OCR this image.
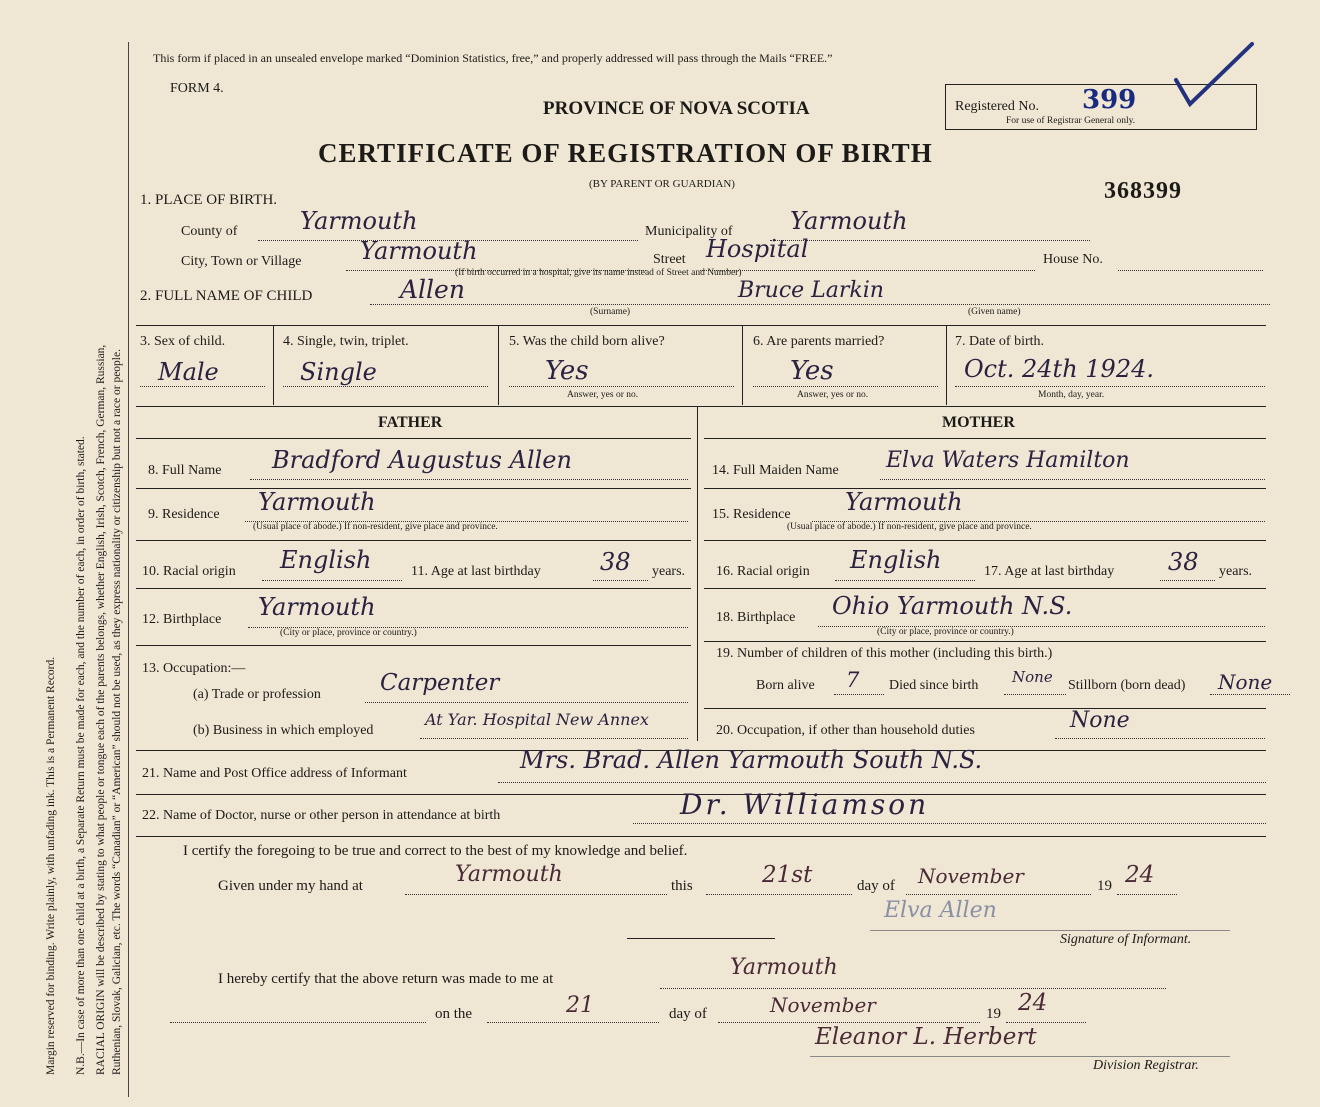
Margin reserved for binding. Write plainly, with unfading ink. This is a Permanent Record. N.B.—In case of more than one child at a birth, a Separate Return must be made for each, and the number of each, in order of birth, stated. RACIAL ORIGIN will be described by stating to what people or tongue each of the parents belongs, whether English, Irish, Scotch, French, German, Russian, Ruthenian, Slovak, Galician, etc. The words “Canadian” or “American” should not be used, as they express nationality or citizenship but not a race or people.
This form if placed in an unsealed envelope marked “Dominion Statistics, free,” and properly addressed will pass through the Mails “FREE.”
FORM 4.
PROVINCE OF NOVA SCOTIA
CERTIFICATE OF REGISTRATION OF BIRTH
(BY PARENT OR GUARDIAN)	368399
Registered No. 399
For use of Registrar General only.
1. PLACE OF BIRTH.
County of	Yarmouth	Municipality of Yarmouth
City, Town or Village Yarmouth	Street Hospital	House No.
(If birth occurred in a hospital, give its name instead of Street and Number)
2. FULL NAME OF CHILD	Allen	Bruce Larkin
(Surname)	(Given name)
3. Sex of child.
Male
4. Single, twin, triplet.
Single
5. Was the child born alive?
Yes
Answer, yes or no.
6. Are parents married?
Yes
Answer, yes or no.
7. Date of birth.
Oct. 24th 1924.
Month, day, year.
FATHER	MOTHER
8. Full Name Bradford Augustus Allen
9. Residence Yarmouth
(Usual place of abode.) If non-resident, give place and province.
10. Racial origin English	11. Age at last birthday 38 years.
12. Birthplace Yarmouth
(City or place, province or country.)
13. Occupation:—
(a) Trade or profession	Carpenter
(b) Business in which employed
At Yar. Hospital New Annex
14. Full Maiden Name Elva Waters Hamilton
15. Residence Yarmouth
(Usual place of abode.) If non-resident, give place and province.
16. Racial origin English	17. Age at last birthday 38 years.
18. Birthplace Ohio Yarmouth N.S.
(City or place, province or country.)
19. Number of children of this mother (including this birth.)
Born alive 7 Died since birth None Stillborn (born dead) None
20. Occupation, if other than household duties	None
21. Name and Post Office address of Informant	Mrs. Brad. Allen Yarmouth South N.S.
22. Name of Doctor, nurse or other person in attendance at birth	Dr. Williamson
I certify the foregoing to be true and correct to the best of my knowledge and belief.
Given under my hand at	Yarmouth	this	21st	day of November	19 24
Elva Allen
Signature of Informant.
I hereby certify that the above return was made to me at	Yarmouth
on the	21	day of	November	19 24
Eleanor L. Herbert
Division Registrar.
